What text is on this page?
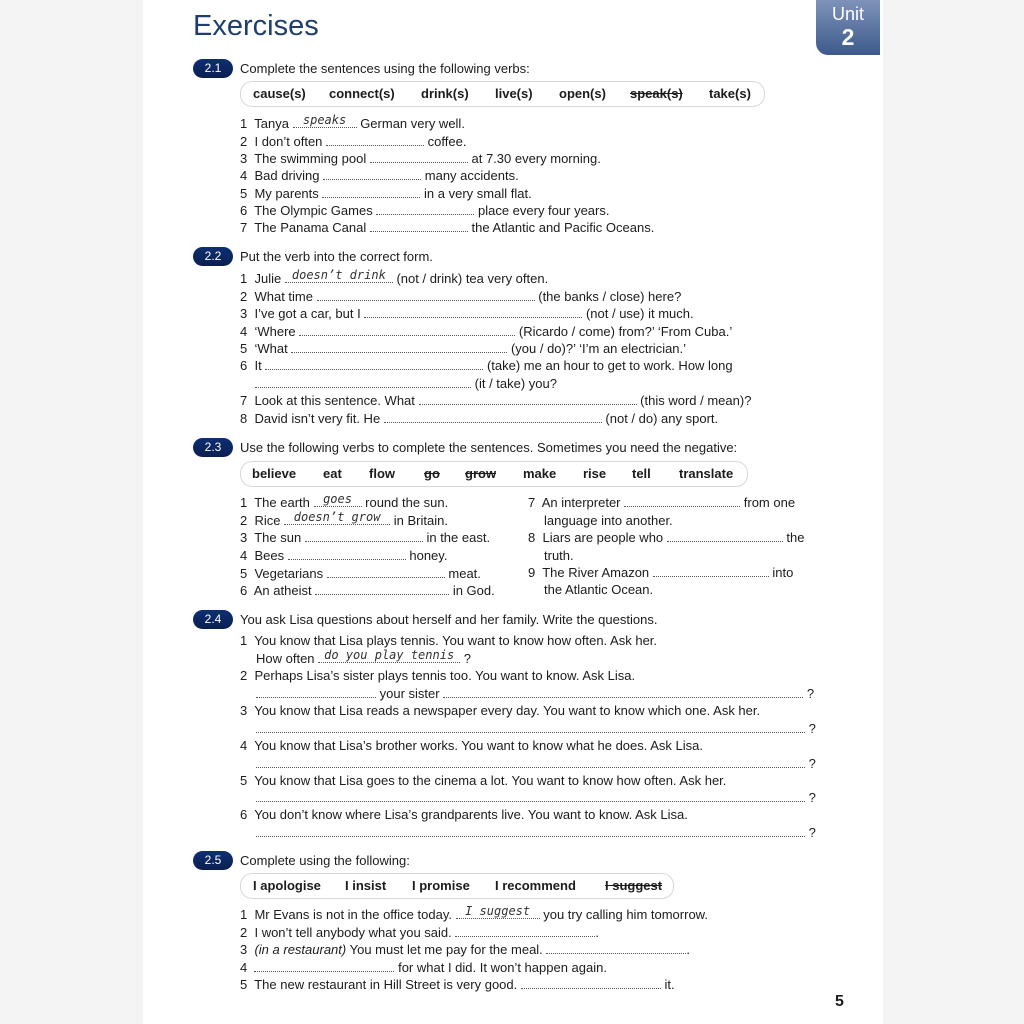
Exercises	Unit
2
2.1	Complete the sentences using the following verbs:
cause(s) connect(s) drink(s) live(s) open(s) speak(s) take(s)
1 Tanya	speaks	German very well.
2 I don’t often	coffee.
3 The swimming pool	at 7.30 every morning.
4 Bad driving	many accidents.
5 My parents	in a very small flat.
6 The Olympic Games	place every four years.
7 The Panama Canal	the Atlantic and Pacific Oceans.
2.2	Put the verb into the correct form.
1 Julie doesn’t drink (not / drink) tea very often.
2 What time	(the banks / close) here?
3 I’ve got a car, but I	(not / use) it much.
4 ‘Where	(Ricardo / come) from?’ ‘From Cuba.’
5 ‘What	(you / do)?’ ‘I’m an electrician.’
6 It	(take) me an hour to get to work. How long
(it / take) you?
7 Look at this sentence. What	(this word / mean)?
8 David isn’t very fit. He	(not / do) any sport.
2.3	Use the following verbs to complete the sentences. Sometimes you need the negative:
believe eat flow go grow make rise tell translate
1 The earth	goes	round the sun.
2 Rice	doesn’t grow	in Britain.
3 The sun	in the east.
4 Bees	honey.
5 Vegetarians	meat.
6 An atheist	in God.
7 An interpreter	from one
language into another.
8 Liars are people who	the
truth.
9 The River Amazon	into
the Atlantic Ocean.
2.4	You ask Lisa questions about herself and her family. Write the questions.
1 You know that Lisa plays tennis. You want to know how often. Ask her.
How often do you play tennis ?
2 Perhaps Lisa’s sister plays tennis too. You want to know. Ask Lisa.
your sister	?
3 You know that Lisa reads a newspaper every day. You want to know which one. Ask her.
?
4 You know that Lisa’s brother works. You want to know what he does. Ask Lisa.
?
5 You know that Lisa goes to the cinema a lot. You want to know how often. Ask her.
?
6 You don’t know where Lisa’s grandparents live. You want to know. Ask Lisa.
?
2.5	Complete using the following:
I apologise I insist I promise I recommend I suggest
1 Mr Evans is not in the office today.	I suggest	you try calling him tomorrow.
2 I won’t tell anybody what you said.	.
3 (in a restaurant) You must let me pay for the meal.	.
4	for what I did. It won’t happen again.
5 The new restaurant in Hill Street is very good.	it.
5
